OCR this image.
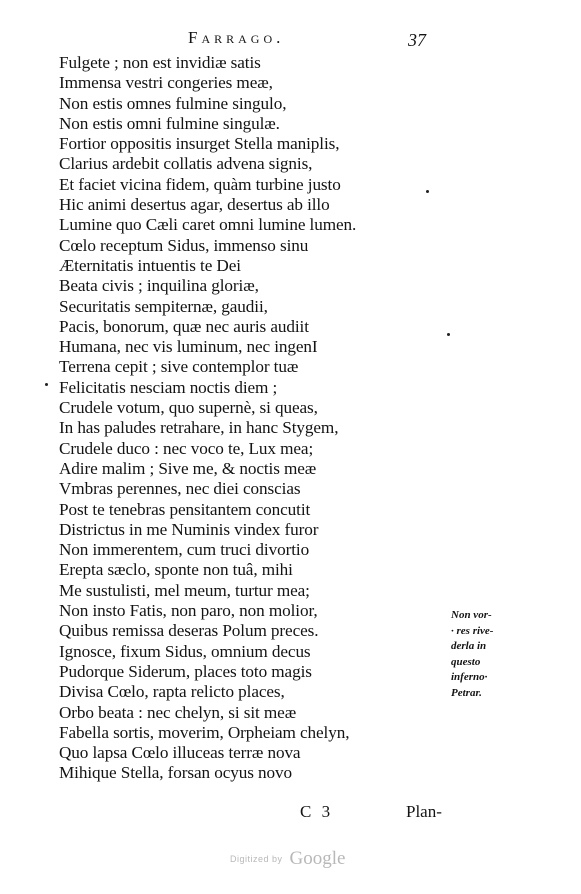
Farrago.	37
Fulgete ; non est invidiæ satis
Immensa vestri congeries meæ,
Non estis omnes fulmine singulo,
Non estis omni fulmine singulæ.
Fortior oppositis insurget Stella maniplis,
Clarius ardebit collatis advena signis,
Et faciet vicina fidem, quàm turbine justo
Hic animi desertus agar, desertus ab illo
Lumine quo Cæli caret omni lumine lumen.
Cœlo receptum Sidus, immenso sinu
Æternitatis intuentis te Dei
Beata civis ; inquilina gloriæ,
Securitatis sempiternæ, gaudii,
Pacis, bonorum, quæ nec auris audiit
Humana, nec vis luminum, nec ingenI
Terrena cepit ; sive contemplor tuæ
Felicitatis nesciam noctis diem ;
Crudele votum, quo supernè, si queas,
In has paludes retrahare, in hanc Stygem,
Crudele duco : nec voco te, Lux mea;
Adire malim ; Sive me, & noctis meæ
Vmbras perennes, nec diei conscias
Post te tenebras pensitantem concutit
Districtus in me Numinis vindex furor
Non immerentem, cum truci divortio
Erepta sæclo, sponte non tuâ, mihi
Me sustulisti, mel meum, turtur mea;
Non insto Fatis, non paro, non molior,
Quibus remissa deseras Polum preces.
Ignosce, fixum Sidus, omnium decus
Pudorque Siderum, places toto magis
Divisa Cœlo, rapta relicto places,
Orbo beata : nec chelyn, si sit meæ
Fabella sortis, moverim, Orpheiam chelyn,
Quo lapsa Cœlo illuceas terræ nova
Mihique Stella, forsan ocyus novo
Non vor-
· res rive-
derla in
questo
inferno·
Petrar.
C 3	Plan-
Digitized by Google
